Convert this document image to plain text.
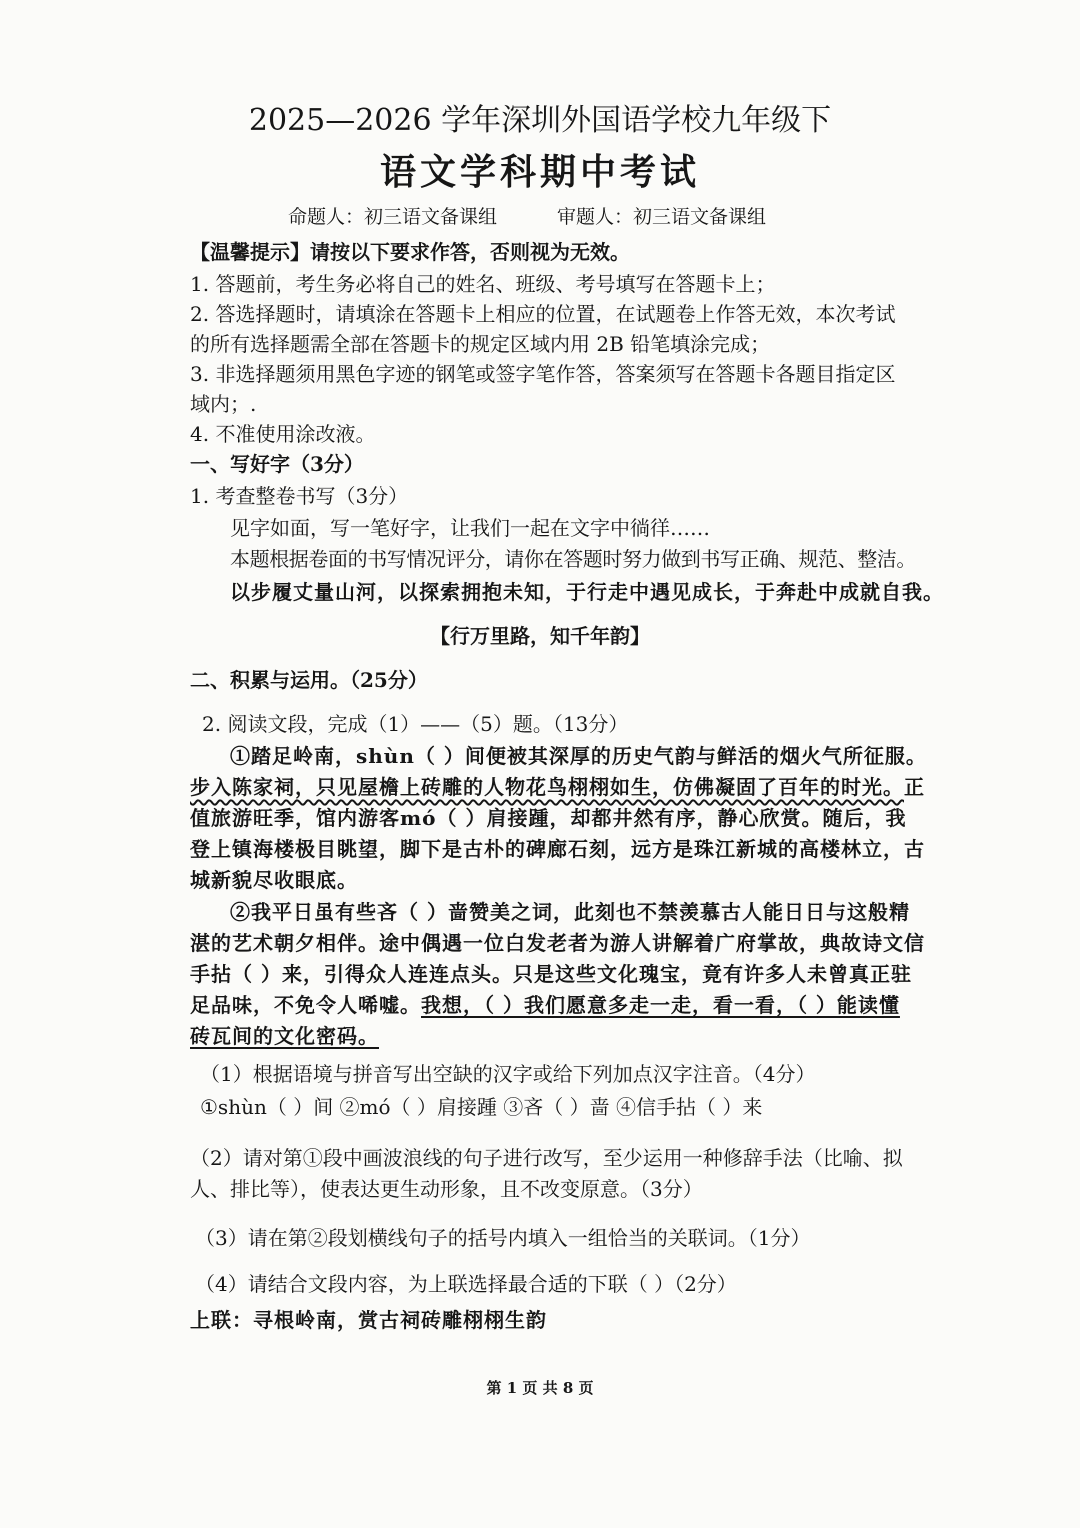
2025—2026 学年深圳外国语学校九年级下
语文学科期中考试
命题人：初三语文备课组	审题人：初三语文备课组
【温馨提示】请按以下要求作答，否则视为无效。
1. 答题前，考生务必将自己的姓名、班级、考号填写在答题卡上；
2. 答选择题时，请填涂在答题卡上相应的位置，在试题卷上作答无效，本次考试
的所有选择题需全部在答题卡的规定区域内用 2B 铅笔填涂完成；
3. 非选择题须用黑色字迹的钢笔或签字笔作答，答案须写在答题卡各题目指定区
域内；.
4. 不准使用涂改液。
一、写好字（3分）
1. 考查整卷书写（3分）
见字如面，写一笔好字，让我们一起在文字中徜徉……
本题根据卷面的书写情况评分，请你在答题时努力做到书写正确、规范、整洁。
以步履丈量山河，以探索拥抱未知，于行走中遇见成长，于奔赴中成就自我。
【行万里路，知千年韵】
二、积累与运用。（25分）
2. 阅读文段，完成（1）——（5）题。（13分）
①踏足岭南，shùn（ ）间便被其深厚的历史气韵与鲜活的烟火气所征服。
步入陈家祠，只见屋檐上砖雕的人物花鸟栩栩如生，仿佛凝固了百年的时光。正
值旅游旺季，馆内游客mó（ ）肩接踵，却都井然有序，静心欣赏。随后，我
登上镇海楼极目眺望，脚下是古朴的碑廊石刻，远方是珠江新城的高楼林立，古
城新貌尽收眼底。
②我平日虽有些吝（ ）啬赞美之词，此刻也不禁羡慕古人能日日与这般精
湛的艺术朝夕相伴。途中偶遇一位白发老者为游人讲解着广府掌故，典故诗文信
手拈（ ）来，引得众人连连点头。只是这些文化瑰宝，竟有许多人未曾真正驻
足品味，不免令人唏嘘。我想，（ ）我们愿意多走一走，看一看，（ ）能读懂
砖瓦间的文化密码。
（1）根据语境与拼音写出空缺的汉字或给下列加点汉字注音。（4分）
①shùn（ ）间 ②mó（ ）肩接踵 ③吝（ ）啬 ④信手拈（ ）来
（2）请对第①段中画波浪线的句子进行改写，至少运用一种修辞手法（比喻、拟
人、排比等），使表达更生动形象，且不改变原意。（3分）
（3）请在第②段划横线句子的括号内填入一组恰当的关联词。（1分）
（4）请结合文段内容，为上联选择最合适的下联（ ）（2分）
上联：寻根岭南，赏古祠砖雕栩栩生韵
第 1 页 共 8 页
